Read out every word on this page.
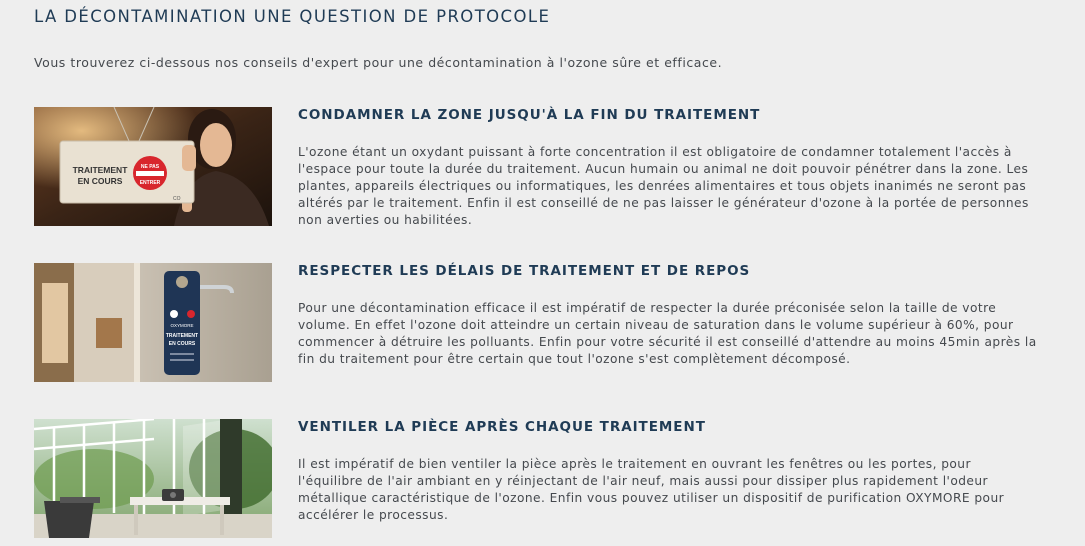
LA DÉCONTAMINATION UNE QUESTION DE PROTOCOLE

Vous trouverez ci-dessous nos conseils d'expert pour une décontamination à l'ozone sûre et efficace.

TRAITEMENT
EN COURS
NE PAS
ENTRER
CO
CONDAMNER LA ZONE JUSQU'À LA FIN DU TRAITEMENT

L'ozone étant un oxydant puissant à forte concentration il est obligatoire de condamner totalement l'accès à l'espace pour toute la durée du traitement. Aucun humain ou animal ne doit pouvoir pénétrer dans la zone. Les plantes, appareils électriques ou informatiques, les denrées alimentaires et tous objets inanimés ne seront pas altérés par le traitement. Enfin il est conseillé de ne pas laisser le générateur d'ozone à la portée de personnes non averties ou habilitées.

OXYMORE
TRAITEMENT
EN COURS
RESPECTER LES DÉLAIS DE TRAITEMENT ET DE REPOS

Pour une décontamination efficace il est impératif de respecter la durée préconisée selon la taille de votre volume. En effet l'ozone doit atteindre un certain niveau de saturation dans le volume supérieur à 60%, pour commencer à détruire les polluants. Enfin pour votre sécurité il est conseillé d'attendre au moins 45min après la fin du traitement pour être certain que tout l'ozone s'est complètement décomposé.

VENTILER LA PIÈCE APRÈS CHAQUE TRAITEMENT

Il est impératif de bien ventiler la pièce après le traitement en ouvrant les fenêtres ou les portes, pour l'équilibre de l'air ambiant en y réinjectant de l'air neuf, mais aussi pour dissiper plus rapidement l'odeur métallique caractéristique de l'ozone. Enfin vous pouvez utiliser un dispositif de purification OXYMORE pour accélérer le processus.
